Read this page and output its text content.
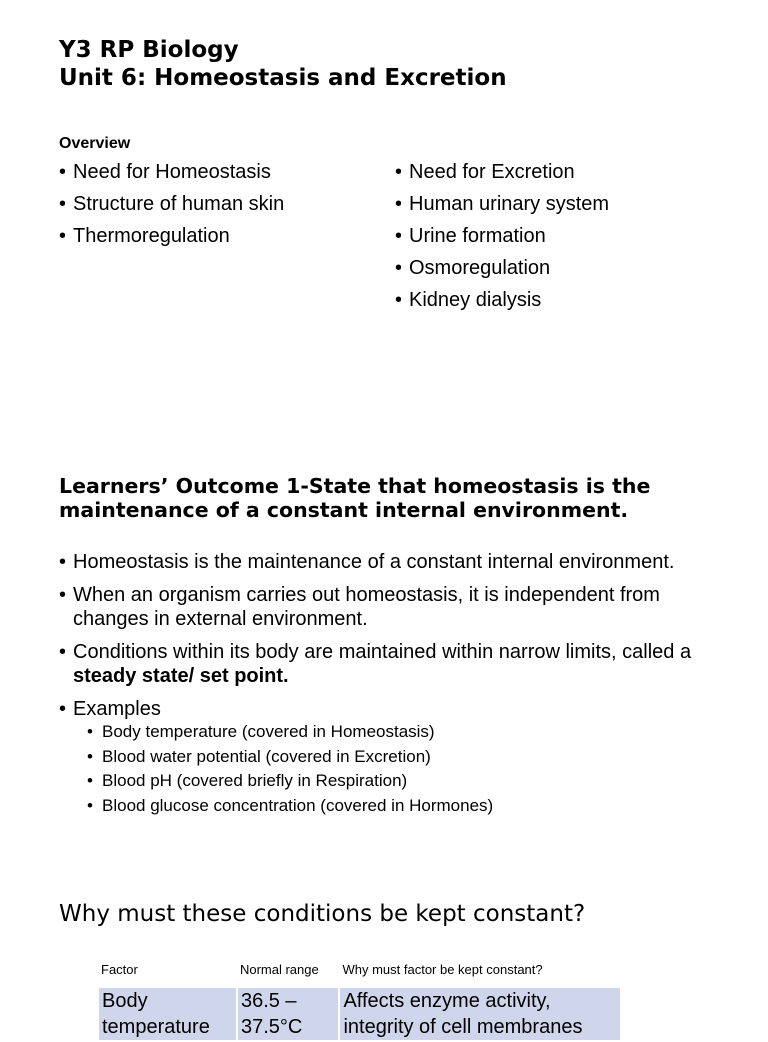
Y3 RP Biology
Unit 6: Homeostasis and Excretion
Overview
• Need for Homeostasis
• Structure of human skin
• Thermoregulation
• Need for Excretion
• Human urinary system
• Urine formation
• Osmoregulation
• Kidney dialysis
Learners’ Outcome 1-State that homeostasis is the maintenance of a constant internal environment.
• Homeostasis is the maintenance of a constant internal environment.
• When an organism carries out homeostasis, it is independent from changes in external environment.
• Conditions within its body are maintained within narrow limits, called a steady state/ set point.
• Examples
• Body temperature (covered in Homeostasis)
• Blood water potential (covered in Excretion)
• Blood pH (covered briefly in Respiration)
• Blood glucose concentration (covered in Hormones)
Why must these conditions be kept constant?
Factor	Normal range	Why must factor be kept constant?
Body temperature	36.5 – 37.5°C	Affects enzyme activity, integrity of cell membranes
